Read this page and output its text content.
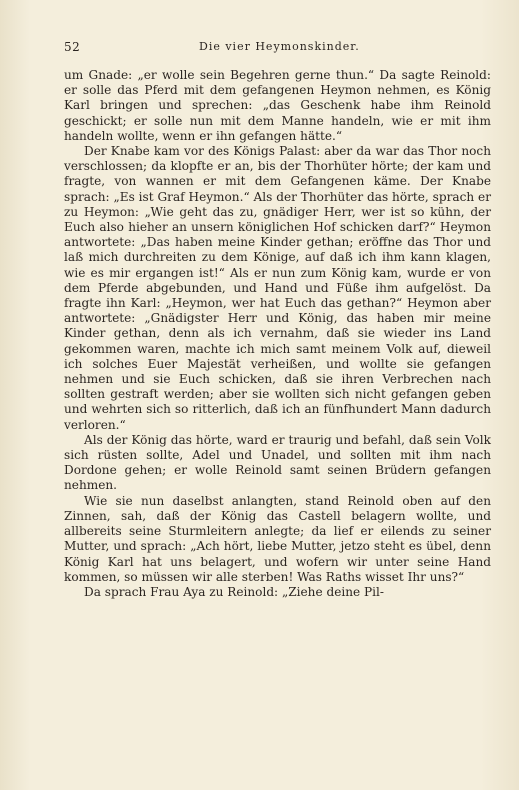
52	Die vier Heymonskinder.

um Gnade: „er wolle sein Begehren gerne thun.“ Da sagte Reinold: er solle das Pferd mit dem gefangenen Heymon nehmen, es König Karl bringen und sprechen: „das Geschenk habe ihm Reinold geschickt; er solle nun mit dem Manne handeln, wie er mit ihm handeln wollte, wenn er ihn gefangen hätte.“

Der Knabe kam vor des Königs Palast: aber da war das Thor noch verschlossen; da klopfte er an, bis der Thorhüter hörte; der kam und fragte, von wannen er mit dem Gefangenen käme. Der Knabe sprach: „Es ist Graf Heymon.“ Als der Thorhüter das hörte, sprach er zu Heymon: „Wie geht das zu, gnädiger Herr, wer ist so kühn, der Euch also hieher an unsern königlichen Hof schicken darf?“ Heymon antwortete: „Das haben meine Kinder gethan; eröffne das Thor und laß mich durchreiten zu dem Könige, auf daß ich ihm kann klagen, wie es mir ergangen ist!“ Als er nun zum König kam, wurde er von dem Pferde abgebunden, und Hand und Füße ihm aufgelöst. Da fragte ihn Karl: „Heymon, wer hat Euch das gethan?“ Heymon aber antwortete: „Gnädigster Herr und König, das haben mir meine Kinder gethan, denn als ich vernahm, daß sie wieder ins Land gekommen waren, machte ich mich samt meinem Volk auf, dieweil ich solches Euer Majestät verheißen, und wollte sie gefangen nehmen und sie Euch schicken, daß sie ihren Verbrechen nach sollten gestraft werden; aber sie wollten sich nicht gefangen geben und wehrten sich so ritterlich, daß ich an fünfhundert Mann dadurch verloren.“

Als der König das hörte, ward er traurig und befahl, daß sein Volk sich rüsten sollte, Adel und Unadel, und sollten mit ihm nach Dordone gehen; er wolle Reinold samt seinen Brüdern gefangen nehmen.

Wie sie nun daselbst anlangten, stand Reinold oben auf den Zinnen, sah, daß der König das Castell belagern wollte, und allbereits seine Sturmleitern anlegte; da lief er eilends zu seiner Mutter, und sprach: „Ach hört, liebe Mutter, jetzo steht es übel, denn König Karl hat uns belagert, und wofern wir unter seine Hand kommen, so müssen wir alle sterben! Was Raths wisset Ihr uns?“

Da sprach Frau Aya zu Reinold: „Ziehe deine Pil-
